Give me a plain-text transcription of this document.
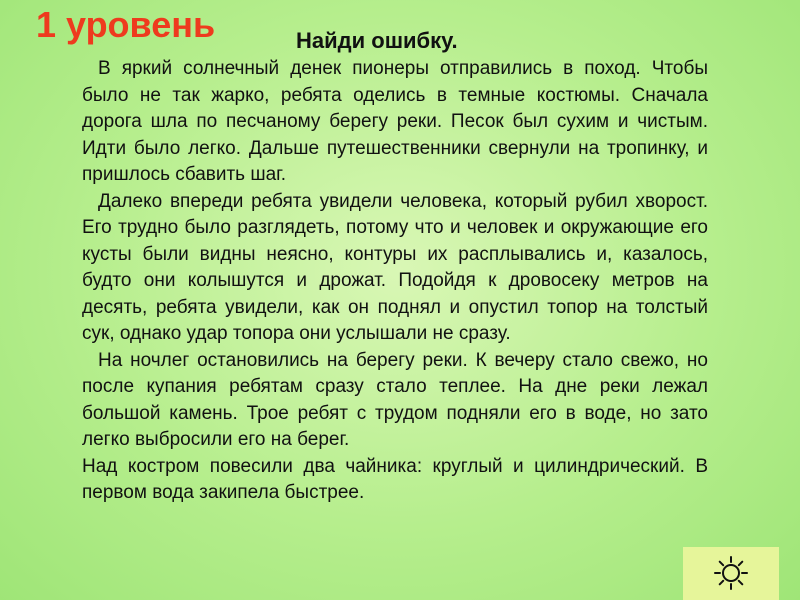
1 уровень	Найди ошибку.

В яркий солнечный денек пионеры отправились в поход. Чтобы было не так жарко, ребята оделись в темные костюмы. Сначала дорога шла по песчаному берегу реки. Песок был сухим и чистым. Идти было легко. Дальше путешественники свернули на тропинку, и пришлось сбавить шаг.

Далеко впереди ребята увидели человека, который рубил хворост. Его трудно было разглядеть, потому что и человек и окружающие его кусты были видны неясно, контуры их расплывались и, казалось, будто они колышутся и дрожат. Подойдя к дровосеку метров на десять, ребята увидели, как он поднял и опустил топор на толстый сук, однако удар топора они услышали не сразу.

На ночлег остановились на берегу реки. К вечеру стало свежо, но после купания ребятам сразу стало теплее. На дне реки лежал большой камень. Трое ребят с трудом подняли его в воде, но зато легко выбросили его на берег.

Над костром повесили два чайника: круглый и цилиндрический. В первом вода закипела быстрее.
